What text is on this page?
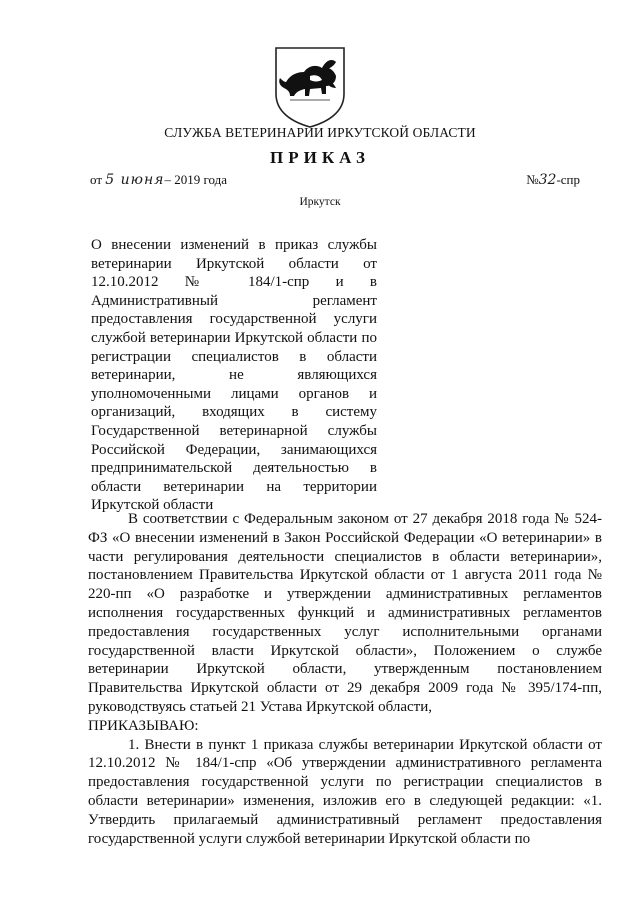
СЛУЖБА ВЕТЕРИНАРИИ ИРКУТСКОЙ ОБЛАСТИ
ПРИКАЗ
от 5 июня– 2019 года	№32-спр
Иркутск

О внесении изменений в приказ службы ветеринарии Иркутской области от 12.10.2012 № 184/1-спр и в Административный регламент предоставления государственной услуги службой ветеринарии Иркутской области по регистрации специалистов в области ветеринарии, не являющихся уполномоченными лицами органов и организаций, входящих в систему Государственной ветеринарной службы Российской Федерации, занимающихся предпринимательской деятельностью в области ветеринарии на территории Иркутской области

В соответствии с Федеральным законом от 27 декабря 2018 года № 524-ФЗ «О внесении изменений в Закон Российской Федерации «О ветеринарии» в части регулирования деятельности специалистов в области ветеринарии», постановлением Правительства Иркутской области от 1 августа 2011 года № 220-пп «О разработке и утверждении административных регламентов исполнения государственных функций и административных регламентов предоставления государственных услуг исполнительными органами государственной власти Иркутской области», Положением о службе ветеринарии Иркутской области, утвержденным постановлением Правительства Иркутской области от 29 декабря 2009 года № 395/174-пп, руководствуясь статьей 21 Устава Иркутской области,

ПРИКАЗЫВАЮ:

1. Внести в пункт 1 приказа службы ветеринарии Иркутской области от 12.10.2012 № 184/1-спр «Об утверждении административного регламента предоставления государственной услуги по регистрации специалистов в области ветеринарии» изменения, изложив его в следующей редакции: «1. Утвердить прилагаемый административный регламент предоставления государственной услуги службой ветеринарии Иркутской области по
